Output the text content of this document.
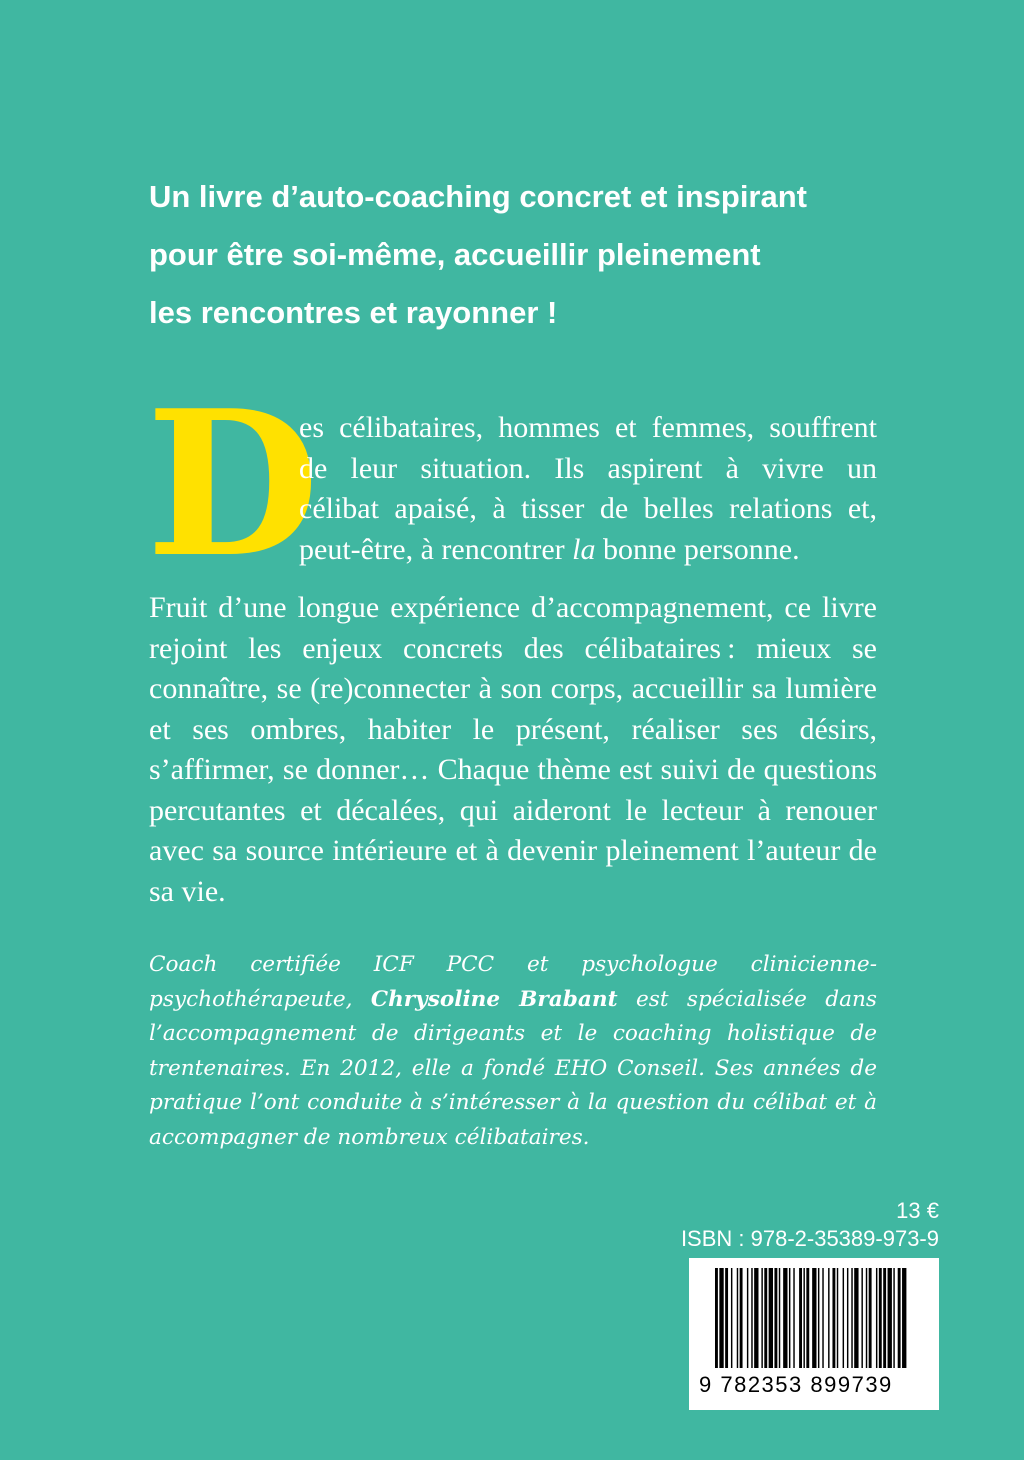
Un livre d’auto-coaching concret et inspirant
pour être soi-même, accueillir pleinement
les rencontres et rayonner !

D
es célibataires, hommes et femmes, souffrent
de leur situation. Ils aspirent à vivre un
célibat apaisé, à tisser de belles relations et,
peut-être, à rencontrer la bonne personne.

Fruit d’une longue expérience d’accompagnement, ce livre rejoint les enjeux concrets des célibataires : mieux se connaître, se (re)connecter à son corps, accueillir sa lumière et ses ombres, habiter le présent, réaliser ses désirs, s’affirmer, se donner… Chaque thème est suivi de questions percutantes et décalées, qui aideront le lecteur à renouer avec sa source intérieure et à devenir pleinement l’auteur de sa vie.

Coach certifiée ICF PCC et psychologue clinicienne-psychothérapeute, Chrysoline Brabant est spécialisée dans l’accompagnement de dirigeants et le coaching holistique de trentenaires. En 2012, elle a fondé EHO Conseil. Ses années de pratique l’ont conduite à s’intéresser à la question du célibat et à accompagner de nombreux célibataires.

13 €
ISBN : 978-2-35389-973-9
9 782353 899739
